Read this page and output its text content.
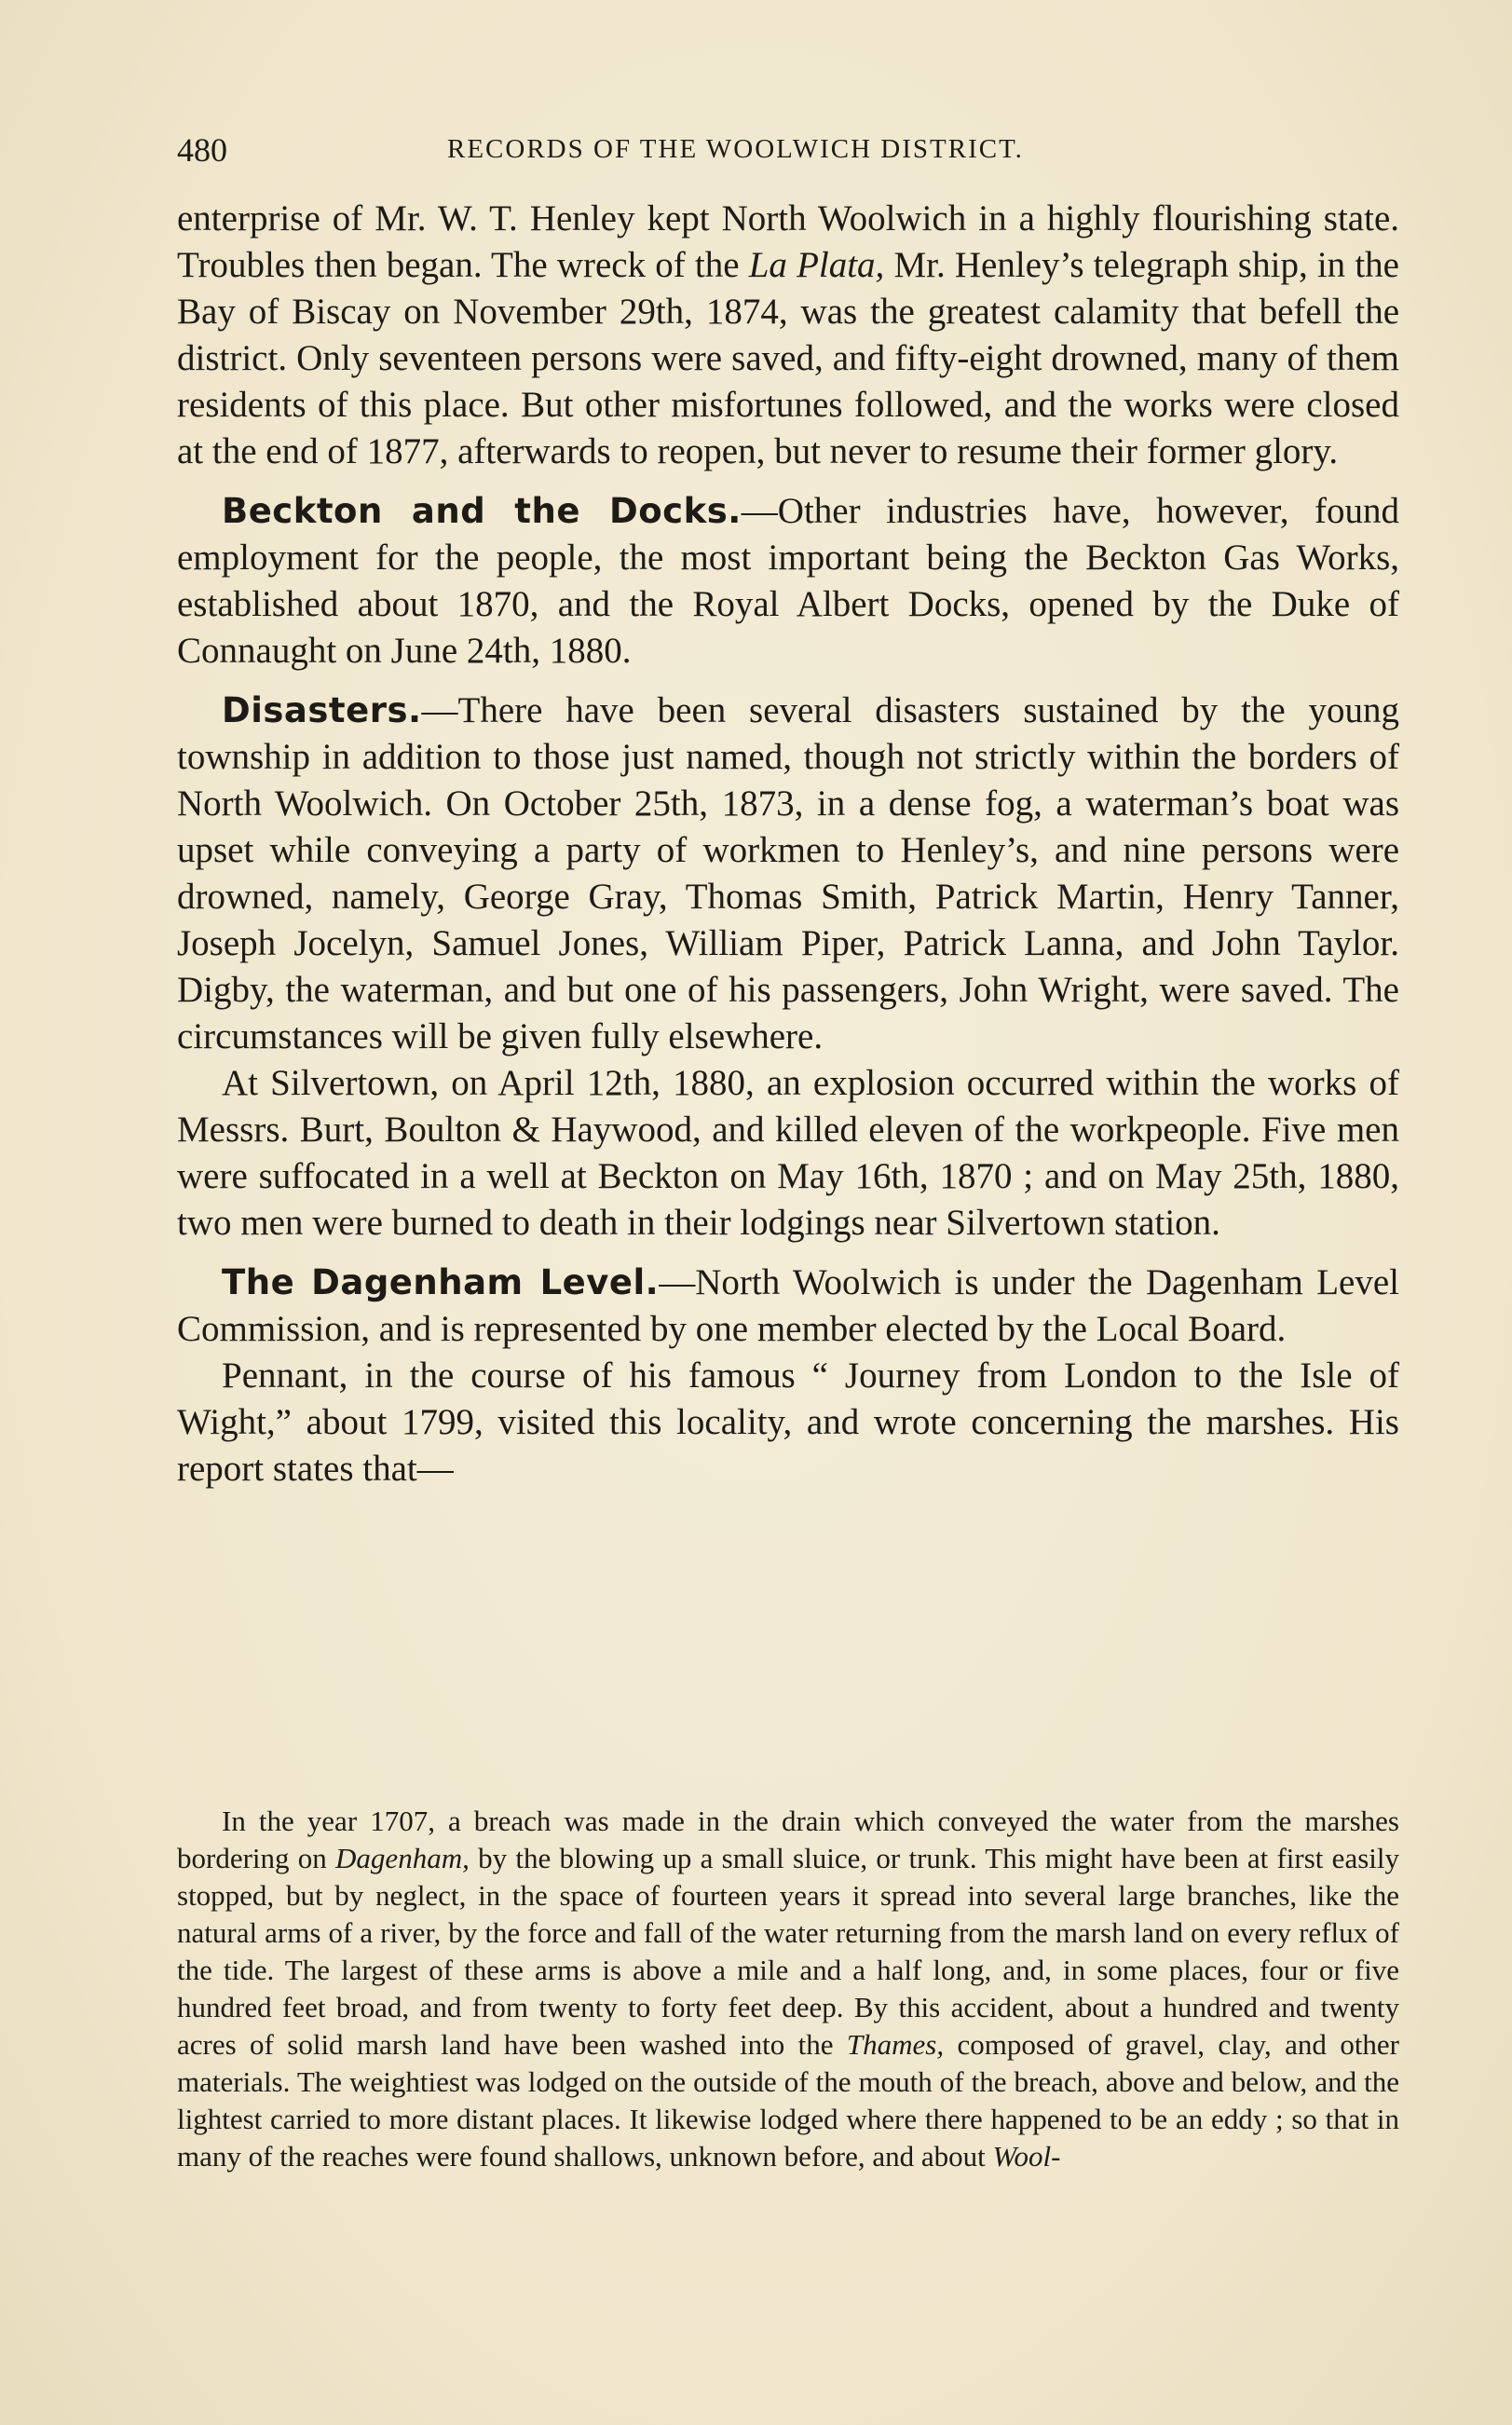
480	RECORDS OF THE WOOLWICH DISTRICT.

enterprise of Mr. W. T. Henley kept North Woolwich in a highly flourishing state. Troubles then began. The wreck of the La Plata, Mr. Henley’s telegraph ship, in the Bay of Biscay on November 29th, 1874, was the greatest calamity that befell the district. Only seventeen persons were saved, and fifty-eight drowned, many of them residents of this place. But other misfortunes followed, and the works were closed at the end of 1877, afterwards to reopen, but never to resume their former glory.

Beckton and the Docks.—Other industries have, however, found employment for the people, the most important being the Beckton Gas Works, established about 1870, and the Royal Albert Docks, opened by the Duke of Connaught on June 24th, 1880.

Disasters.—There have been several disasters sustained by the young township in addition to those just named, though not strictly within the borders of North Woolwich. On October 25th, 1873, in a dense fog, a waterman’s boat was upset while conveying a party of workmen to Henley’s, and nine persons were drowned, namely, George Gray, Thomas Smith, Patrick Martin, Henry Tanner, Joseph Jocelyn, Samuel Jones, William Piper, Patrick Lanna, and John Taylor. Digby, the waterman, and but one of his passengers, John Wright, were saved. The circumstances will be given fully elsewhere.

At Silvertown, on April 12th, 1880, an explosion occurred within the works of Messrs. Burt, Boulton & Haywood, and killed eleven of the workpeople. Five men were suffocated in a well at Beckton on May 16th, 1870 ; and on May 25th, 1880, two men were burned to death in their lodgings near Silvertown station.

The Dagenham Level.—North Woolwich is under the Dagenham Level Commission, and is represented by one member elected by the Local Board.

Pennant, in the course of his famous “ Journey from London to the Isle of Wight,” about 1799, visited this locality, and wrote concerning the marshes. His report states that—

In the year 1707, a breach was made in the drain which conveyed the water from the marshes bordering on Dagenham, by the blowing up a small sluice, or trunk. This might have been at first easily stopped, but by neglect, in the space of fourteen years it spread into several large branches, like the natural arms of a river, by the force and fall of the water returning from the marsh land on every reflux of the tide. The largest of these arms is above a mile and a half long, and, in some places, four or five hundred feet broad, and from twenty to forty feet deep. By this accident, about a hundred and twenty acres of solid marsh land have been washed into the Thames, composed of gravel, clay, and other materials. The weightiest was lodged on the outside of the mouth of the breach, above and below, and the lightest carried to more distant places. It likewise lodged where there happened to be an eddy ; so that in many of the reaches were found shallows, unknown before, and about Wool-
